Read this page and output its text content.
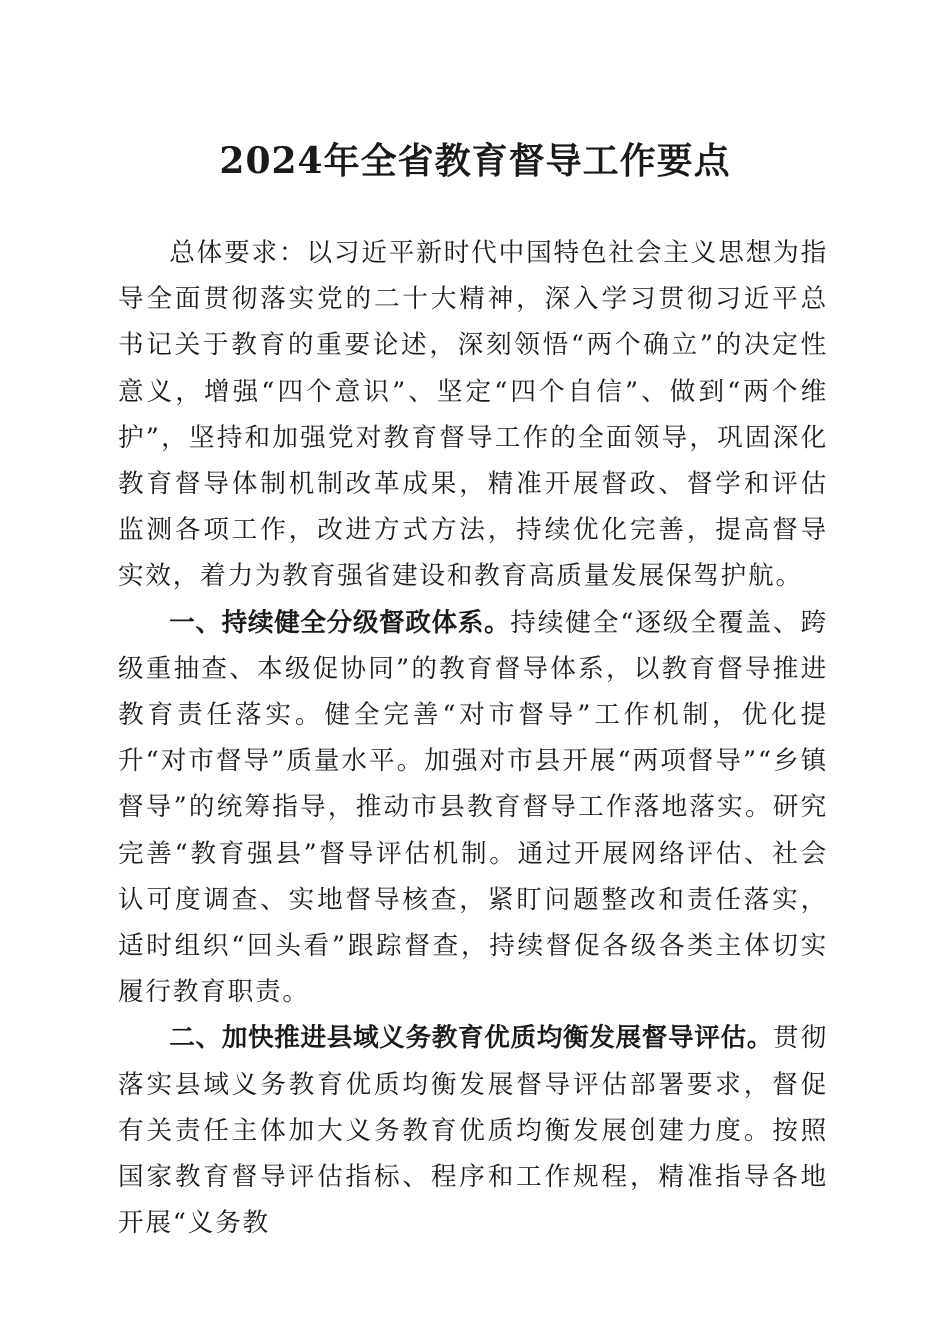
2024年全省教育督导工作要点

总体要求：以习近平新时代中国特色社会主义思想为指导全面贯彻落实党的二十大精神，深入学习贯彻习近平总书记关于教育的重要论述，深刻领悟“两个确立”的决定性意义，增强“四个意识”、坚定“四个自信”、做到“两个维护”，坚持和加强党对教育督导工作的全面领导，巩固深化教育督导体制机制改革成果，精准开展督政、督学和评估监测各项工作，改进方式方法，持续优化完善，提高督导实效，着力为教育强省建设和教育高质量发展保驾护航。

一、持续健全分级督政体系。持续健全“逐级全覆盖、跨级重抽查、本级促协同”的教育督导体系，以教育督导推进教育责任落实。健全完善“对市督导”工作机制，优化提升“对市督导”质量水平。加强对市县开展“两项督导”“乡镇督导”的统筹指导，推动市县教育督导工作落地落实。研究完善“教育强县”督导评估机制。通过开展网络评估、社会认可度调查、实地督导核查，紧盯问题整改和责任落实，适时组织“回头看”跟踪督查，持续督促各级各类主体切实履行教育职责。

二、加快推进县域义务教育优质均衡发展督导评估。贯彻落实县域义务教育优质均衡发展督导评估部署要求，督促有关责任主体加大义务教育优质均衡发展创建力度。按照国家教育督导评估指标、程序和工作规程，精准指导各地开展“义务教
